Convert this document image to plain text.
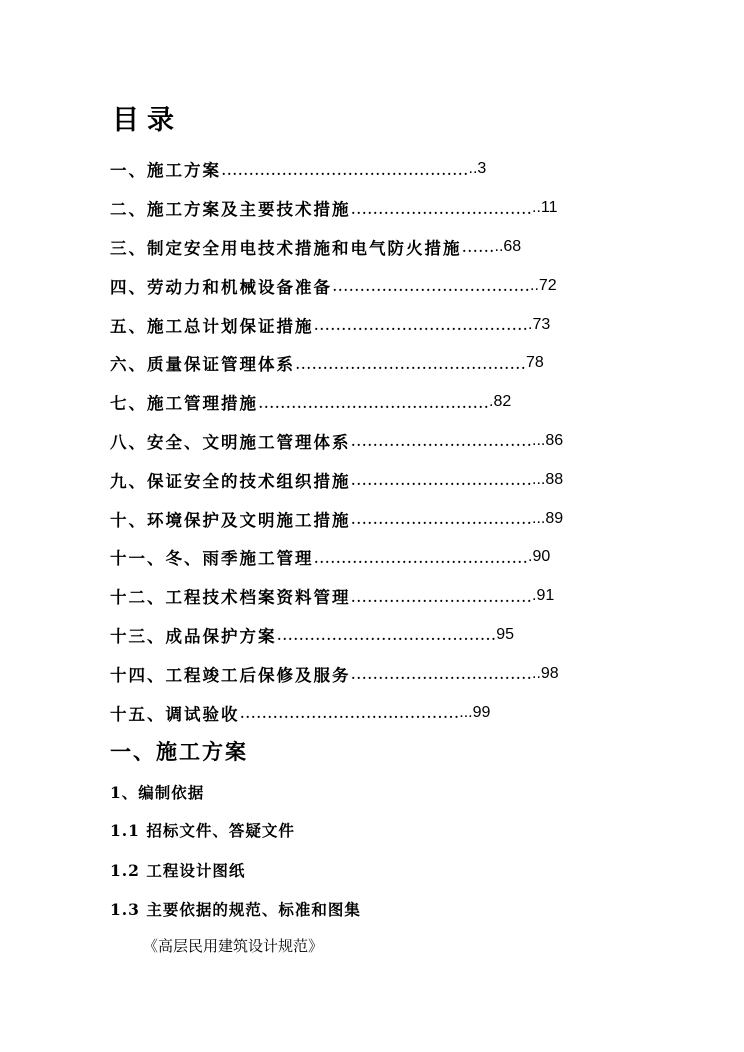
目录
一、施工方案 ……………………………………… ..3
二、施工方案及主要技术措施 …………………………… ..11
三、制定安全用电技术措施和电气防火措施 …… ..68
四、劳动力和机械设备准备 ……………………………… ..72
五、施工总计划保证措施 ………………………………… .73
六、质量保证管理体系 …………………………………… 78
七、施工管理措施 …………………………………… .82
八、安全、文明施工管理体系 …………………………… ...86
九、保证安全的技术组织措施 …………………………… ...88
十、环境保护及文明施工措施 …………………………… ...89
十一、冬、雨季施工管理 ………………………………… .90
十二、工程技术档案资料管理 …………………………… .91
十三、成品保护方案 ……………………….………… 95
十四、工程竣工后保修及服务 …………………………… ..98
十五、调试验收 ……………………….………… ...99
一、施工方案
1、编制依据
1.1 招标文件、答疑文件
1.2 工程设计图纸
1.3 主要依据的规范、标准和图集

《高层民用建筑设计规范》
